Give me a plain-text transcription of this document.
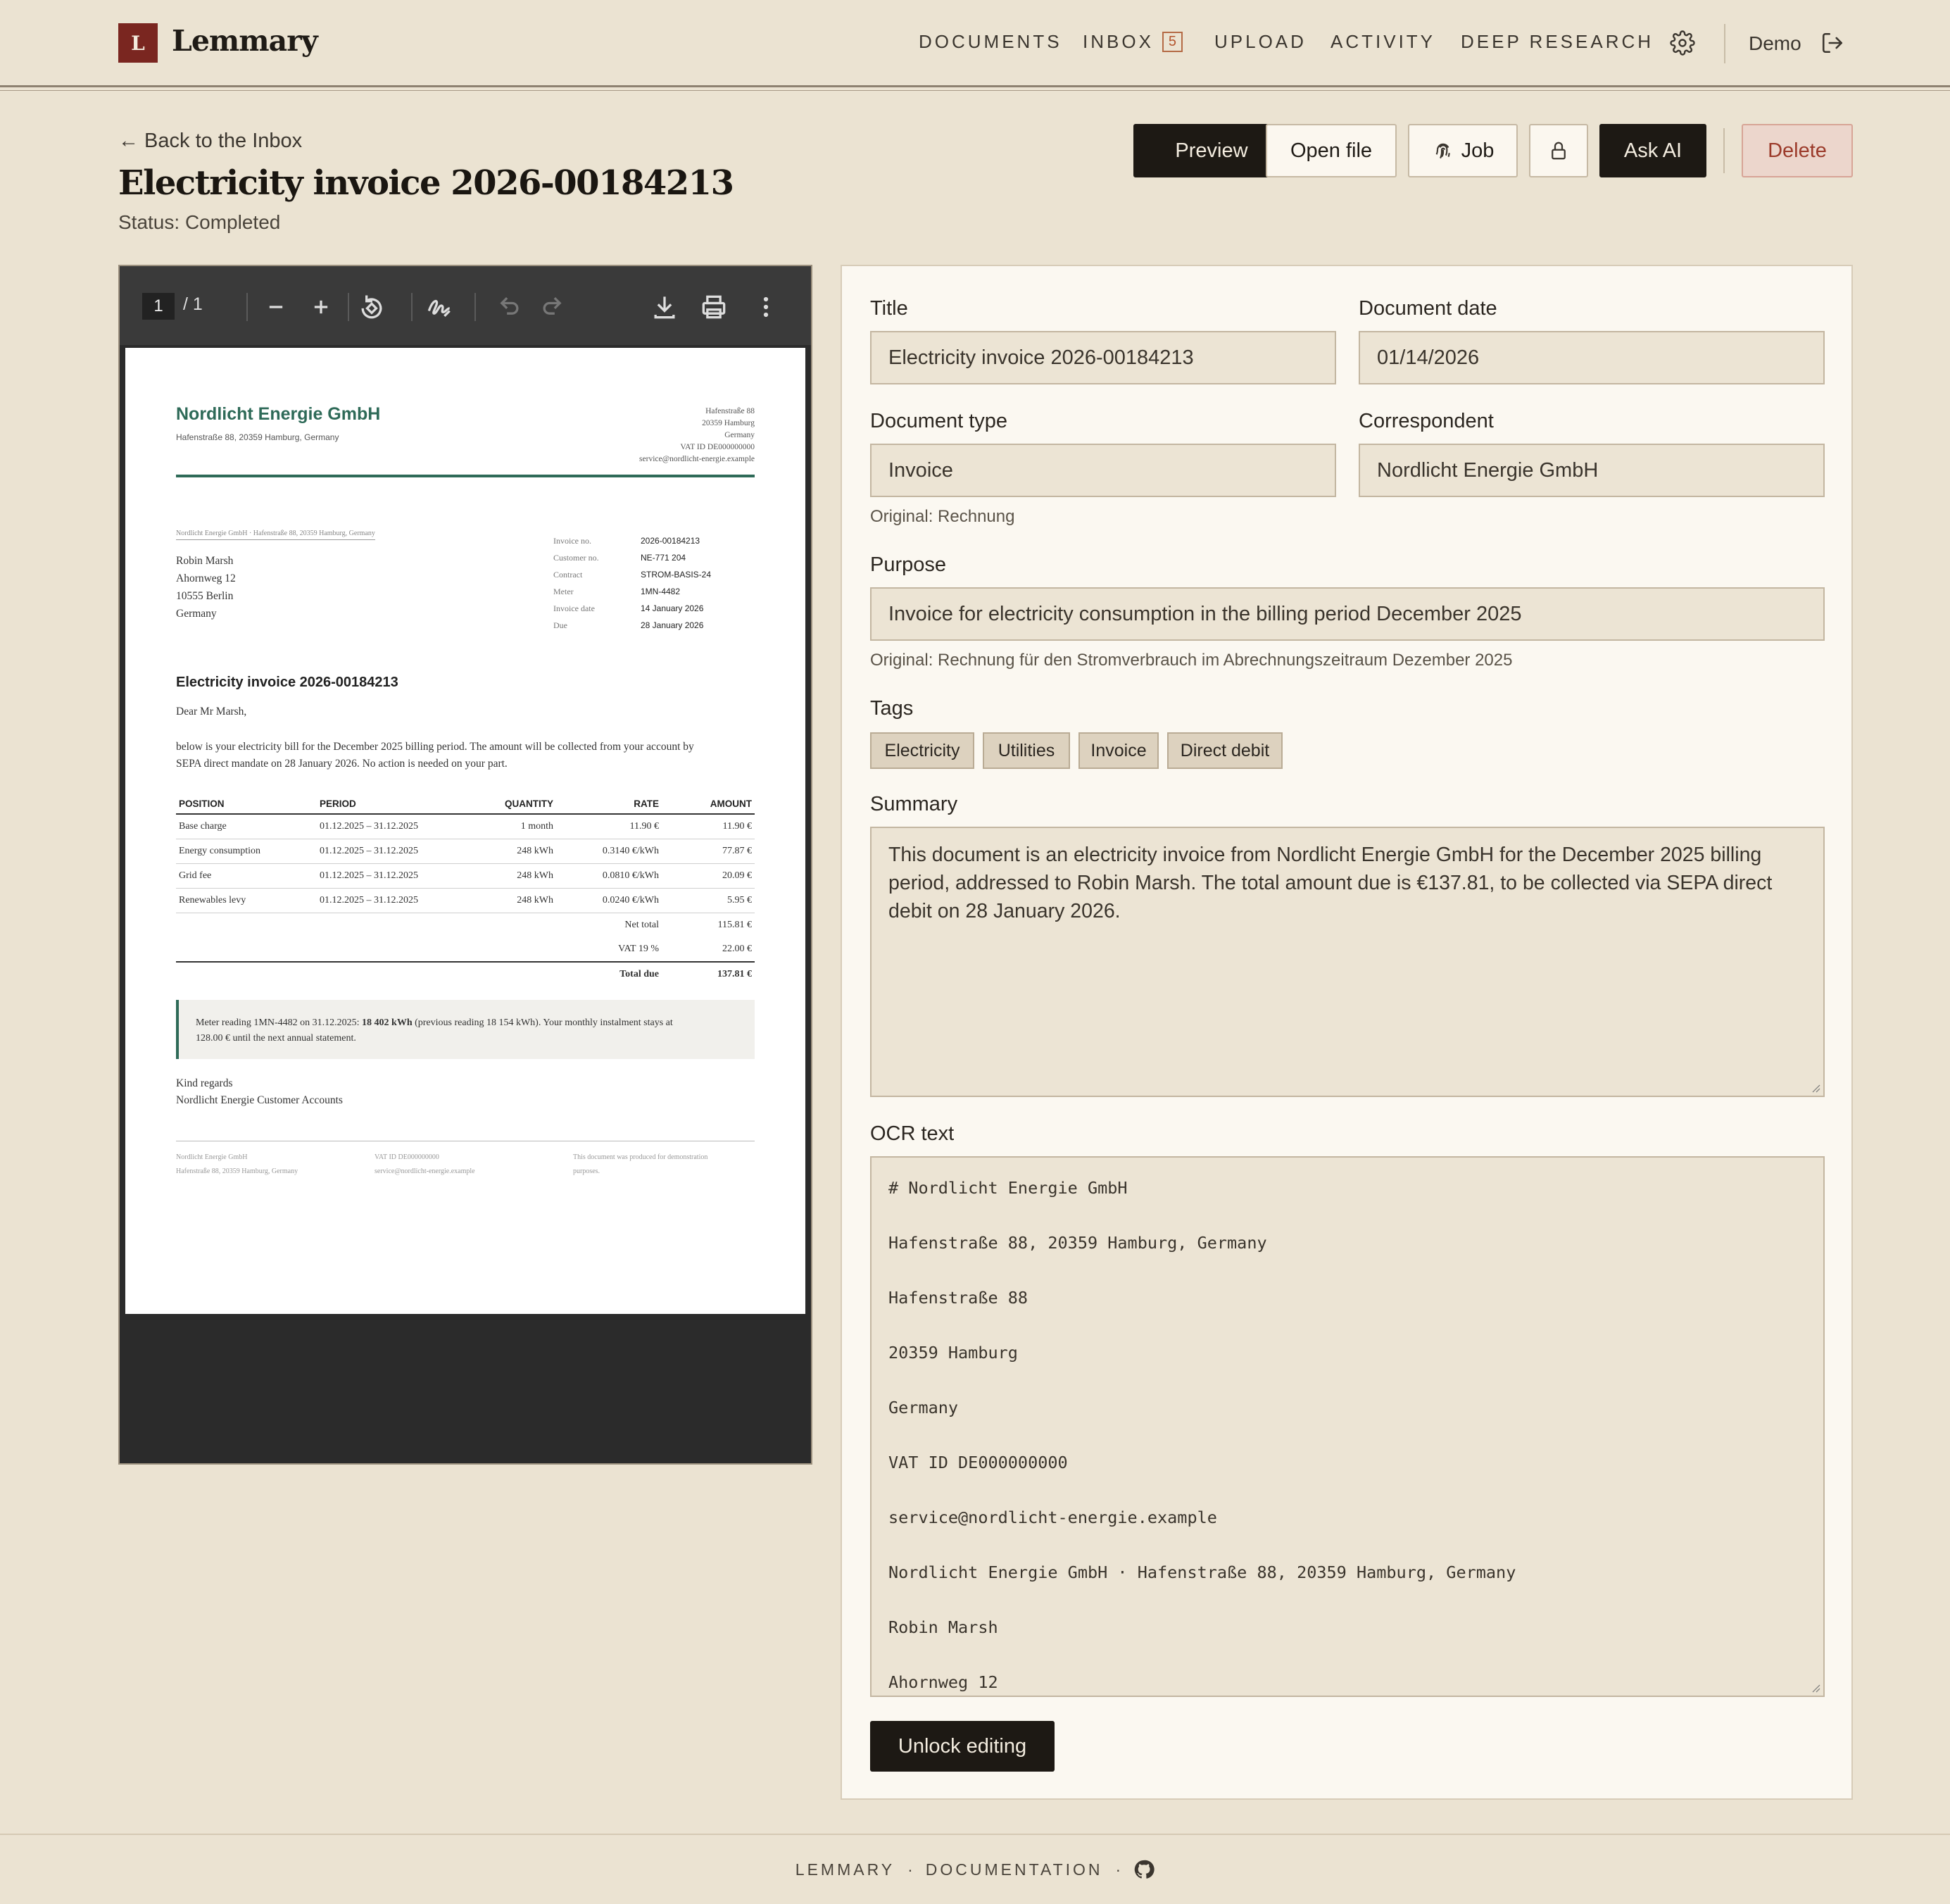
L Lemmary	DOCUMENTS INBOX 5	UPLOAD ACTIVITY DEEP RESEARCH	Demo
← Back to the Inbox
Electricity invoice 2026-00184213
Status: Completed
Preview	Open file	Job	Ask AI	Delete
1	/ 1
Nordlicht Energie GmbH
Hafenstraße 88, 20359 Hamburg, Germany
Hafenstraße 88
20359 Hamburg
Germany
VAT ID DE000000000
service@nordlicht-energie.example
Nordlicht Energie GmbH · Hafenstraße 88, 20359 Hamburg, Germany
Robin Marsh
Ahornweg 12
10555 Berlin
Germany
Invoice no.	2026-00184213
Customer no.	NE-771 204
Contract	STROM-BASIS-24
Meter	1MN-4482
Invoice date	14 January 2026
Due	28 January 2026
Electricity invoice 2026-00184213
Dear Mr Marsh,
below is your electricity bill for the December 2025 billing period. The amount will be collected from your account by
SEPA direct mandate on 28 January 2026. No action is needed on your part.
POSITION	PERIOD	QUANTITY	RATE	AMOUNT
Base charge	01.12.2025 – 31.12.2025	1 month	11.90 €	11.90 €
Energy consumption	01.12.2025 – 31.12.2025	248 kWh	0.3140 €/kWh	77.87 €
Grid fee	01.12.2025 – 31.12.2025	248 kWh	0.0810 €/kWh	20.09 €
Renewables levy	01.12.2025 – 31.12.2025	248 kWh	0.0240 €/kWh	5.95 €
			Net total	115.81 €
			VAT 19 %	22.00 €
			Total due	137.81 €
Meter reading 1MN-4482 on 31.12.2025: 18 402 kWh (previous reading 18 154 kWh). Your monthly instalment stays at
128.00 € until the next annual statement.
Kind regards
Nordlicht Energie Customer Accounts
Nordlicht Energie GmbH
Hafenstraße 88, 20359 Hamburg, Germany
VAT ID DE000000000
service@nordlicht-energie.example
This document was produced for demonstration
purposes.
Title
Electricity invoice 2026-00184213
Document date
01/14/2026
Document type
Invoice
Original: Rechnung
Correspondent
Nordlicht Energie GmbH
Purpose
Invoice for electricity consumption in the billing period December 2025
Original: Rechnung für den Stromverbrauch im Abrechnungszeitraum Dezember 2025
Tags
Electricity	Utilities	Invoice	Direct debit
Summary
This document is an electricity invoice from Nordlicht Energie GmbH for the December 2025 billing period, addressed to Robin Marsh. The total amount due is €137.81, to be collected via SEPA direct debit on 28 January 2026.
OCR text
# Nordlicht Energie GmbH
Hafenstraße 88, 20359 Hamburg, Germany
Hafenstraße 88
20359 Hamburg
Germany
VAT ID DE000000000
service@nordlicht-energie.example
Nordlicht Energie GmbH · Hafenstraße 88, 20359 Hamburg, Germany
Robin Marsh
Ahornweg 12
Unlock editing
LEMMARY · DOCUMENTATION ·
